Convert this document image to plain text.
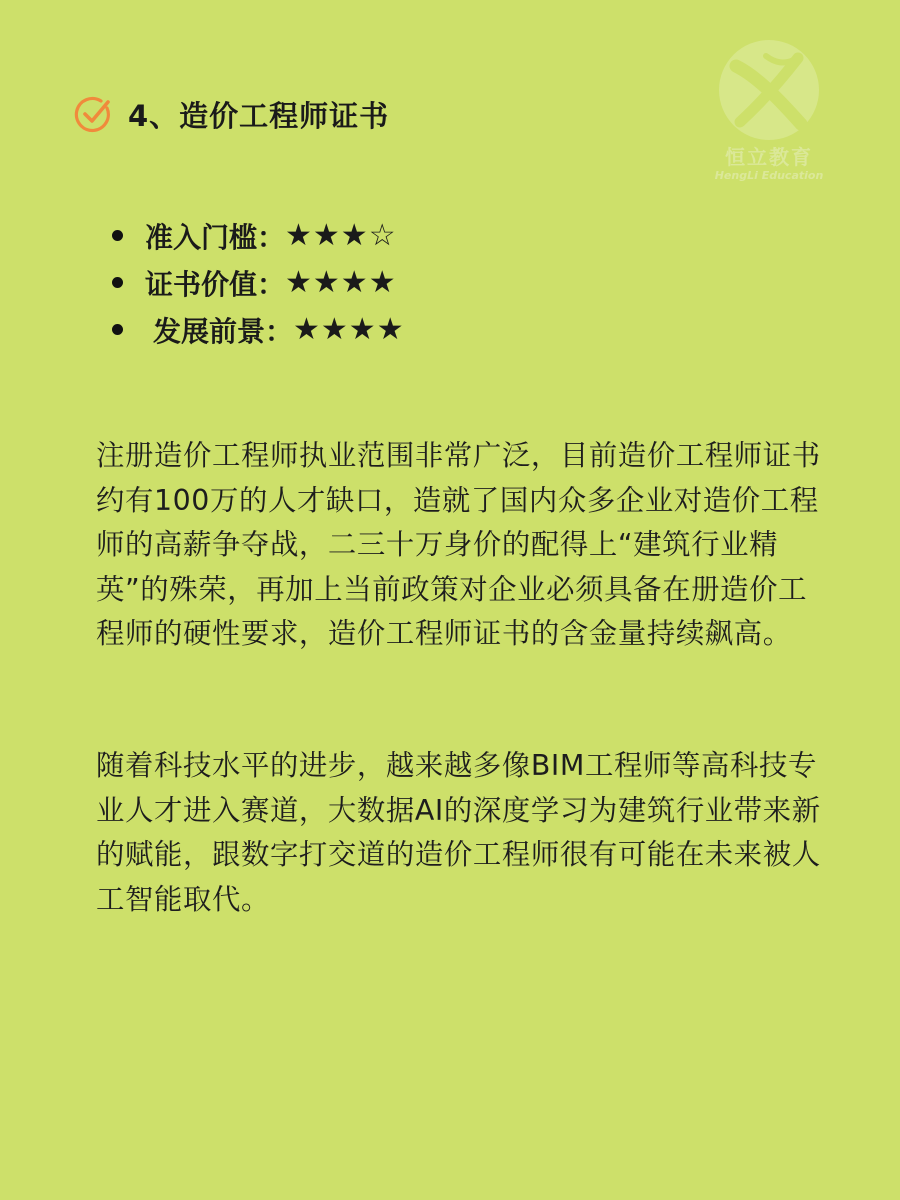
恒立教育
HengLi Education
4、造价工程师证书
准入门槛： ★★★☆
证书价值： ★★★★
发展前景： ★★★★

注册造价工程师执业范围非常广泛，目前造价工程师证书约有100万的人才缺口，造就了国内众多企业对造价工程师的高薪争夺战，二三十万身价的配得上“建筑行业精英”的殊荣，再加上当前政策对企业必须具备在册造价工程师的硬性要求，造价工程师证书的含金量持续飙高。

随着科技水平的进步，越来越多像BIM工程师等高科技专业人才进入赛道，大数据AI的深度学习为建筑行业带来新的赋能，跟数字打交道的造价工程师很有可能在未来被人工智能取代。
